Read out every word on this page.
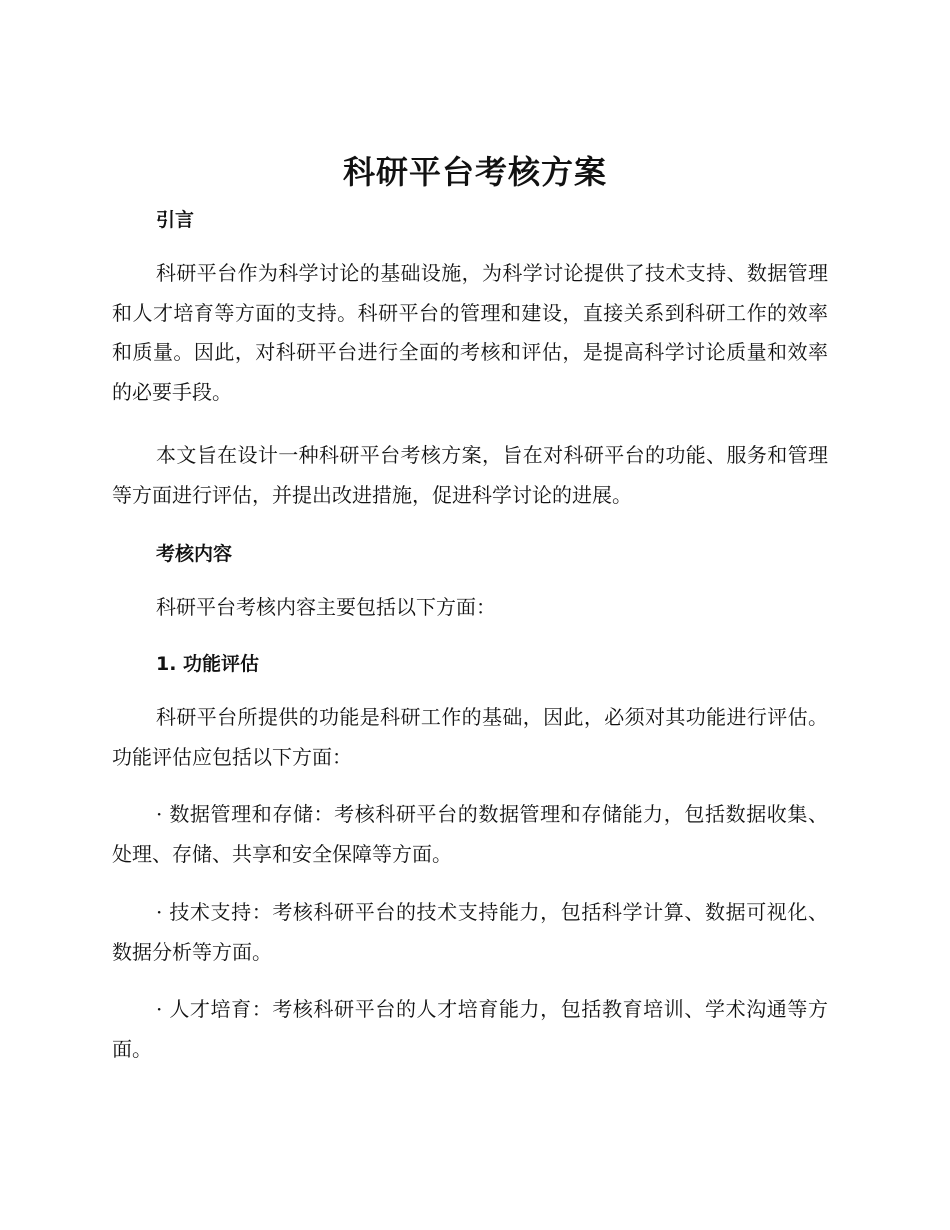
科研平台考核方案
引言

科研平台作为科学讨论的基础设施，为科学讨论提供了技术支持、数据管理和人才培育等方面的支持。科研平台的管理和建设，直接关系到科研工作的效率和质量。因此，对科研平台进行全面的考核和评估，是提高科学讨论质量和效率的必要手段。

本文旨在设计一种科研平台考核方案，旨在对科研平台的功能、服务和管理等方面进行评估，并提出改进措施，促进科学讨论的进展。

考核内容

科研平台考核内容主要包括以下方面：

1. 功能评估

科研平台所提供的功能是科研工作的基础，因此，必须对其功能进行评估。功能评估应包括以下方面：

· 数据管理和存储：考核科研平台的数据管理和存储能力，包括数据收集、处理、存储、共享和安全保障等方面。

· 技术支持：考核科研平台的技术支持能力，包括科学计算、数据可视化、数据分析等方面。

· 人才培育：考核科研平台的人才培育能力，包括教育培训、学术沟通等方面。
